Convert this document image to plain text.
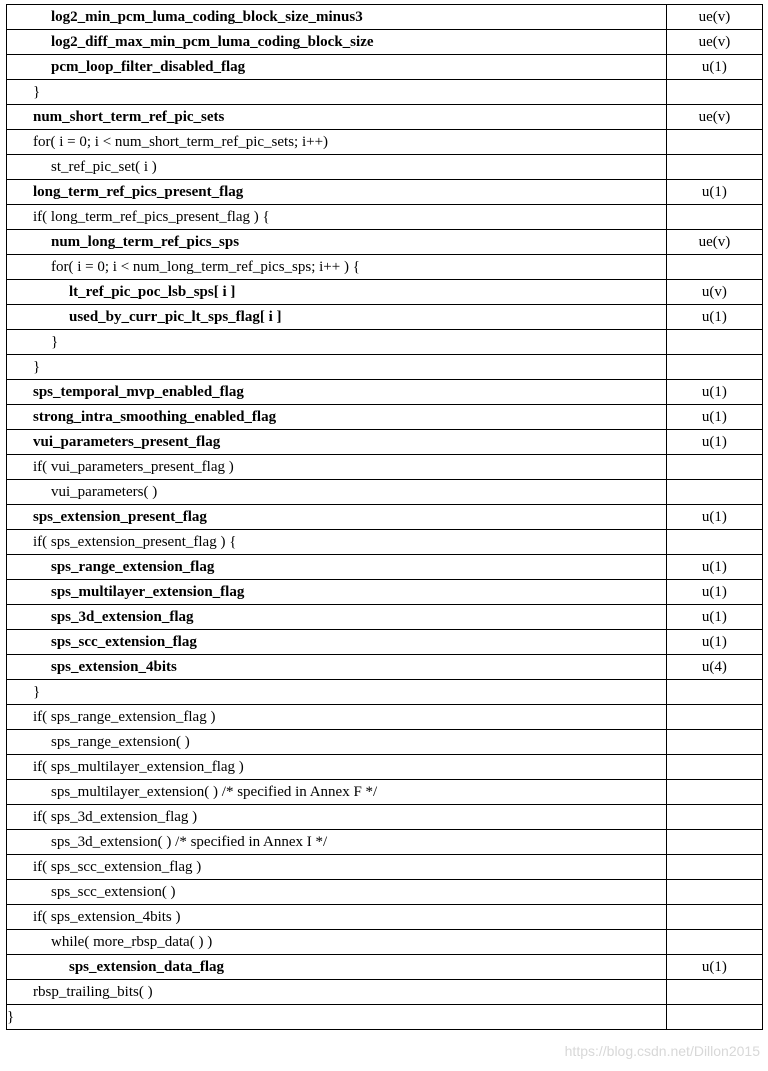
log2_min_pcm_luma_coding_block_size_minus3	ue(v)
log2_diff_max_min_pcm_luma_coding_block_size	ue(v)
pcm_loop_filter_disabled_flag	u(1)
}	
num_short_term_ref_pic_sets	ue(v)
for( i = 0; i < num_short_term_ref_pic_sets; i++)	
st_ref_pic_set( i )	
long_term_ref_pics_present_flag	u(1)
if( long_term_ref_pics_present_flag ) {	
num_long_term_ref_pics_sps	ue(v)
for( i = 0; i < num_long_term_ref_pics_sps; i++ ) {	
lt_ref_pic_poc_lsb_sps[ i ]	u(v)
used_by_curr_pic_lt_sps_flag[ i ]	u(1)
}	
}	
sps_temporal_mvp_enabled_flag	u(1)
strong_intra_smoothing_enabled_flag	u(1)
vui_parameters_present_flag	u(1)
if( vui_parameters_present_flag )	
vui_parameters( )	
sps_extension_present_flag	u(1)
if( sps_extension_present_flag ) {	
sps_range_extension_flag	u(1)
sps_multilayer_extension_flag	u(1)
sps_3d_extension_flag	u(1)
sps_scc_extension_flag	u(1)
sps_extension_4bits	u(4)
}	
if( sps_range_extension_flag )	
sps_range_extension( )	
if( sps_multilayer_extension_flag )	
sps_multilayer_extension( ) /* specified in Annex F */	
if( sps_3d_extension_flag )	
sps_3d_extension( ) /* specified in Annex I */	
if( sps_scc_extension_flag )	
sps_scc_extension( )	
if( sps_extension_4bits )	
while( more_rbsp_data( ) )	
sps_extension_data_flag	u(1)
rbsp_trailing_bits( )	
}	
https://blog.csdn.net/Dillon2015
